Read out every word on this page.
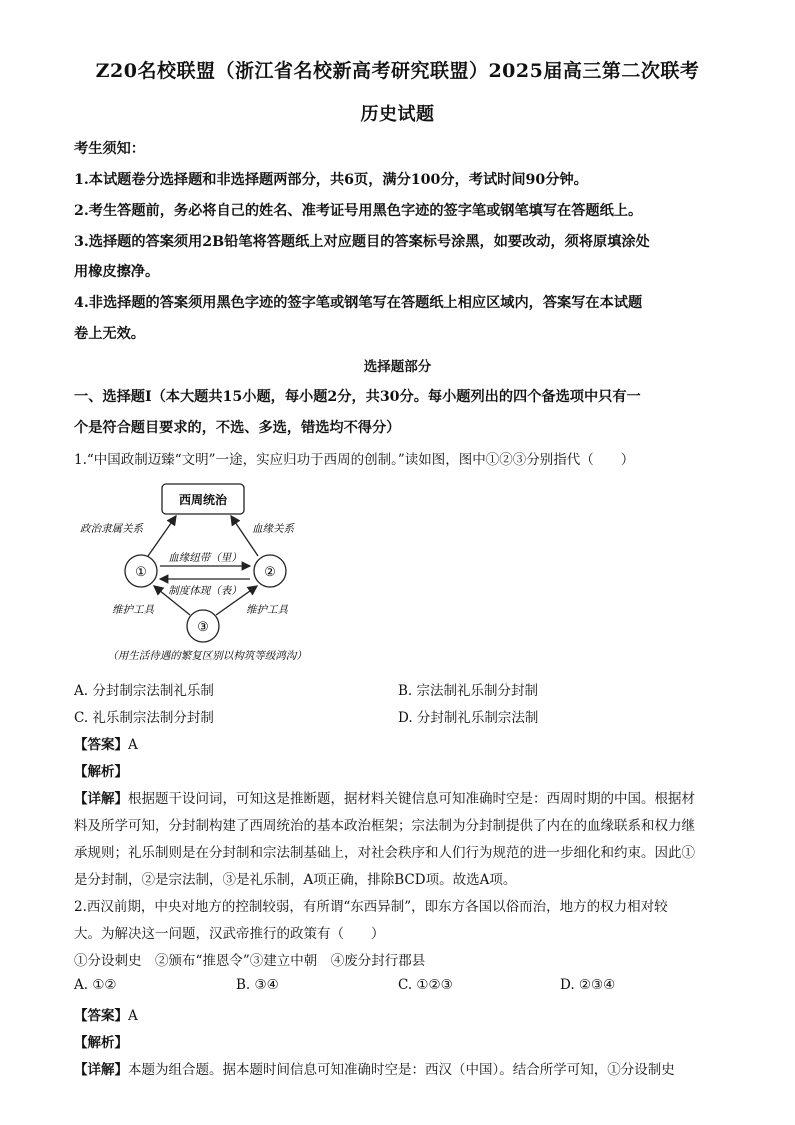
Z20名校联盟（浙江省名校新高考研究联盟）2025届高三第二次联考
历史试题
考生须知：
1.本试题卷分选择题和非选择题两部分，共6页，满分100分，考试时间90分钟。
2.考生答题前，务必将自己的姓名、准考证号用黑色字迹的签字笔或钢笔填写在答题纸上。
3.选择题的答案须用2B铅笔将答题纸上对应题目的答案标号涂黑，如要改动，须将原填涂处
用橡皮擦净。
4.非选择题的答案须用黑色字迹的签字笔或钢笔写在答题纸上相应区域内，答案写在本试题
卷上无效。
选择题部分
一、选择题Ⅰ（本大题共15小题，每小题2分，共30分。每小题列出的四个备选项中只有一
个是符合题目要求的，不选、多选，错选均不得分）
1.“中国政制迈臻“文明”一途，实应归功于西周的创制。”读如图，图中①②③分别指代（　　）
西周统治
政治隶属关系	血缘关系
①	②
③
血缘纽带（里）
制度体现（表）
维护工具	维护工具
（用生活待遇的繁复区别以构筑等级鸿沟）
A. 分封制宗法制礼乐制	B. 宗法制礼乐制分封制
C. 礼乐制宗法制分封制	D. 分封制礼乐制宗法制
【答案】A
【解析】
【详解】根据题干设问词，可知这是推断题，据材料关键信息可知准确时空是：西周时期的中国。根据材
料及所学可知，分封制构建了西周统治的基本政治框架；宗法制为分封制提供了内在的血缘联系和权力继
承规则；礼乐制则是在分封制和宗法制基础上，对社会秩序和人们行为规范的进一步细化和约束。因此①
是分封制，②是宗法制，③是礼乐制，A项正确，排除BCD项。故选A项。
2.西汉前期，中央对地方的控制较弱，有所谓“东西异制”，即东方各国以俗而治，地方的权力相对较
大。为解决这一问题，汉武帝推行的政策有（　　）
①分设刺史　②颁布“推恩令”③建立中朝　④废分封行郡县
A. ①②	B. ③④	C. ①②③	D. ②③④
【答案】A
【解析】
【详解】本题为组合题。据本题时间信息可知准确时空是：西汉（中国）。结合所学可知，①分设制史
